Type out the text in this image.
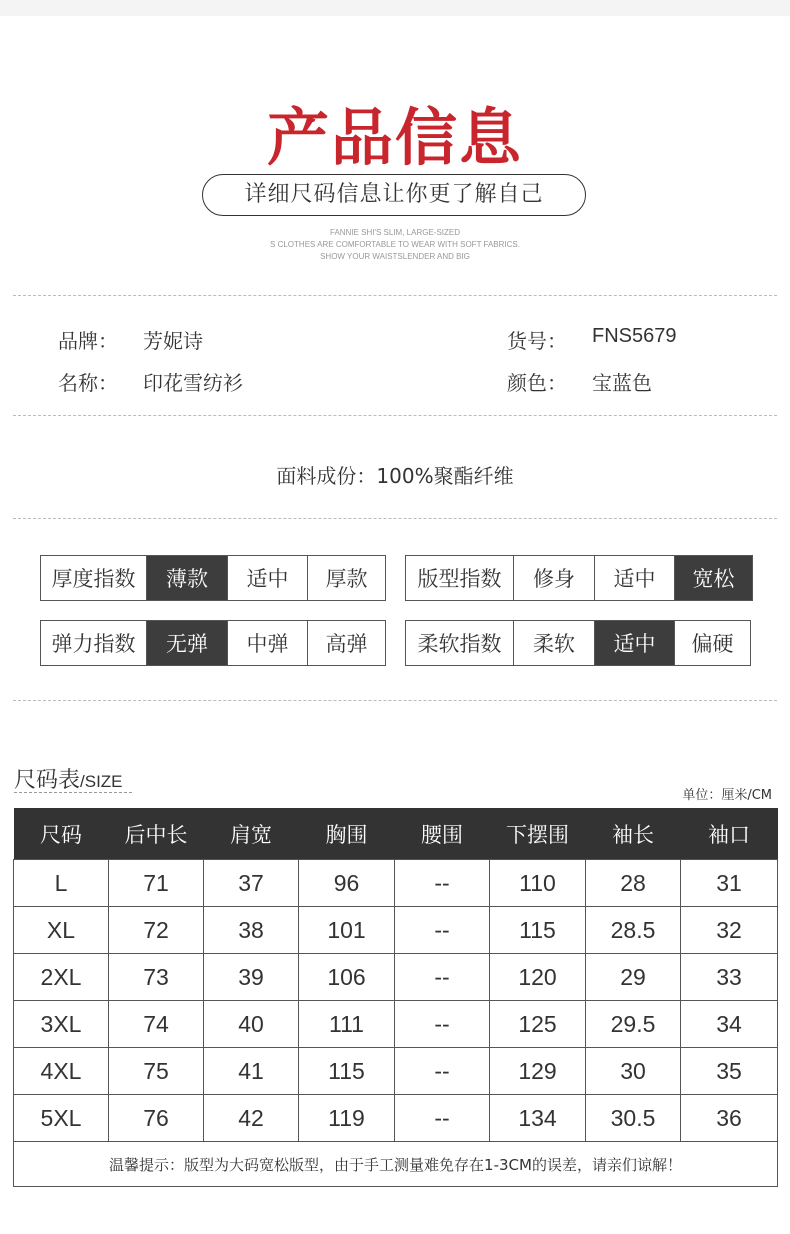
产品信息
详细尺码信息让你更了解自己
FANNIE SHI'S SLIM, LARGE-SIZED
S CLOTHES ARE COMFORTABLE TO WEAR WITH SOFT FABRICS.
SHOW YOUR WAISTSLENDER AND BIG
品牌： 芳妮诗	货号： FNS5679
名称： 印花雪纺衫	颜色： 宝蓝色
面料成份：100%聚酯纤维
厚度指数	薄款	适中	厚款	版型指数	修身	适中	宽松
弹力指数	无弹	中弹	高弹	柔软指数	柔软	适中	偏硬
尺码表/SIZE
单位：厘米/CM
尺码	后中长	肩宽	胸围	腰围	下摆围	袖长	袖口
L	71	37	96	--	110	28	31
XL	72	38	101	--	115	28.5	32
2XL	73	39	106	--	120	29	33
3XL	74	40	111	--	125	29.5	34
4XL	75	41	115	--	129	30	35
5XL	76	42	119	--	134	30.5	36
温馨提示：版型为大码宽松版型，由于手工测量难免存在1-3CM的误差，请亲们谅解！							
